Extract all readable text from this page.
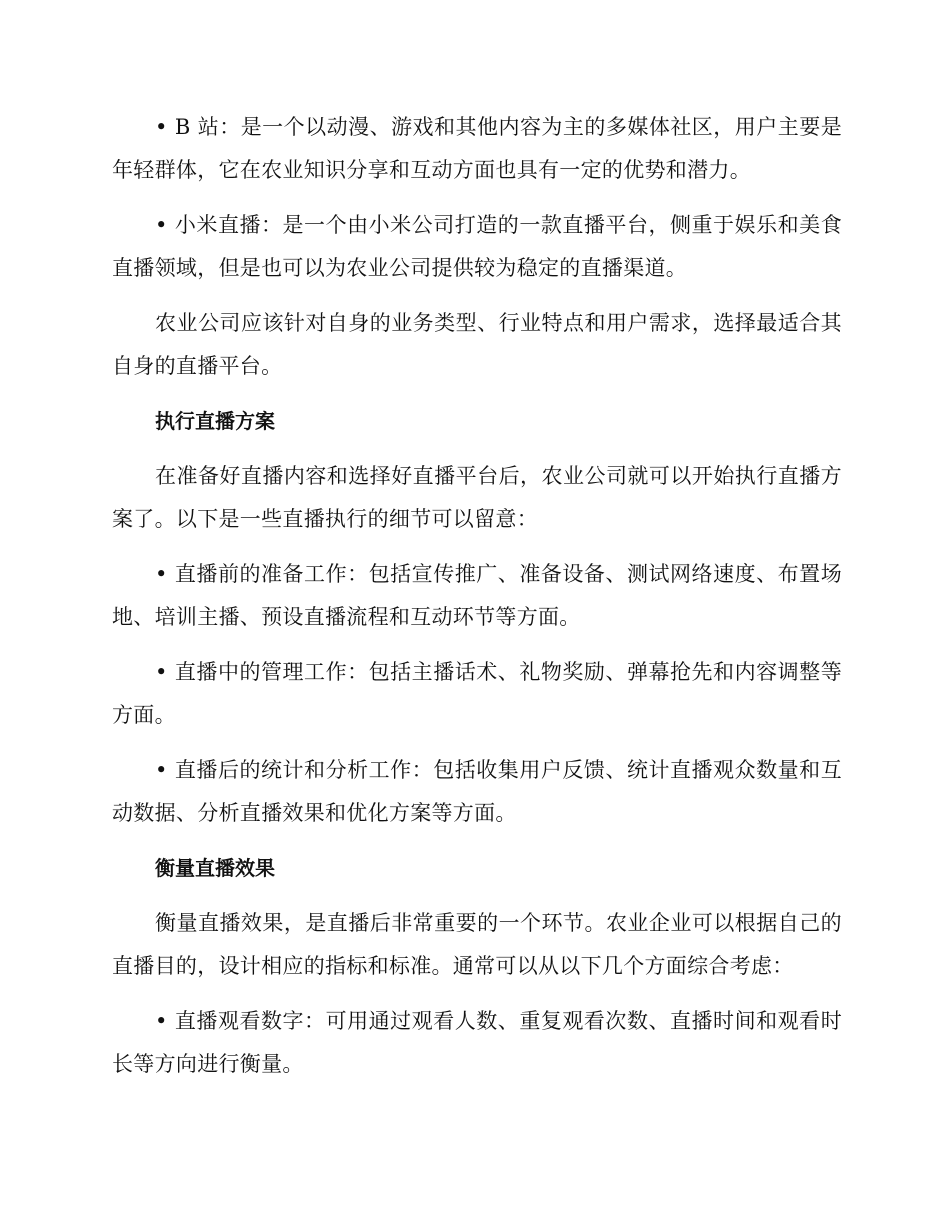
• B 站：是一个以动漫、游戏和其他内容为主的多媒体社区，用户主要是年轻群体，它在农业知识分享和互动方面也具有一定的优势和潜力。

• 小米直播：是一个由小米公司打造的一款直播平台，侧重于娱乐和美食直播领域，但是也可以为农业公司提供较为稳定的直播渠道。

农业公司应该针对自身的业务类型、行业特点和用户需求，选择最适合其自身的直播平台。

执行直播方案

在准备好直播内容和选择好直播平台后，农业公司就可以开始执行直播方案了。以下是一些直播执行的细节可以留意：

• 直播前的准备工作：包括宣传推广、准备设备、测试网络速度、布置场地、培训主播、预设直播流程和互动环节等方面。

• 直播中的管理工作：包括主播话术、礼物奖励、弹幕抢先和内容调整等方面。

• 直播后的统计和分析工作：包括收集用户反馈、统计直播观众数量和互动数据、分析直播效果和优化方案等方面。

衡量直播效果

衡量直播效果，是直播后非常重要的一个环节。农业企业可以根据自己的直播目的，设计相应的指标和标准。通常可以从以下几个方面综合考虑：

• 直播观看数字：可用通过观看人数、重复观看次数、直播时间和观看时长等方向进行衡量。
